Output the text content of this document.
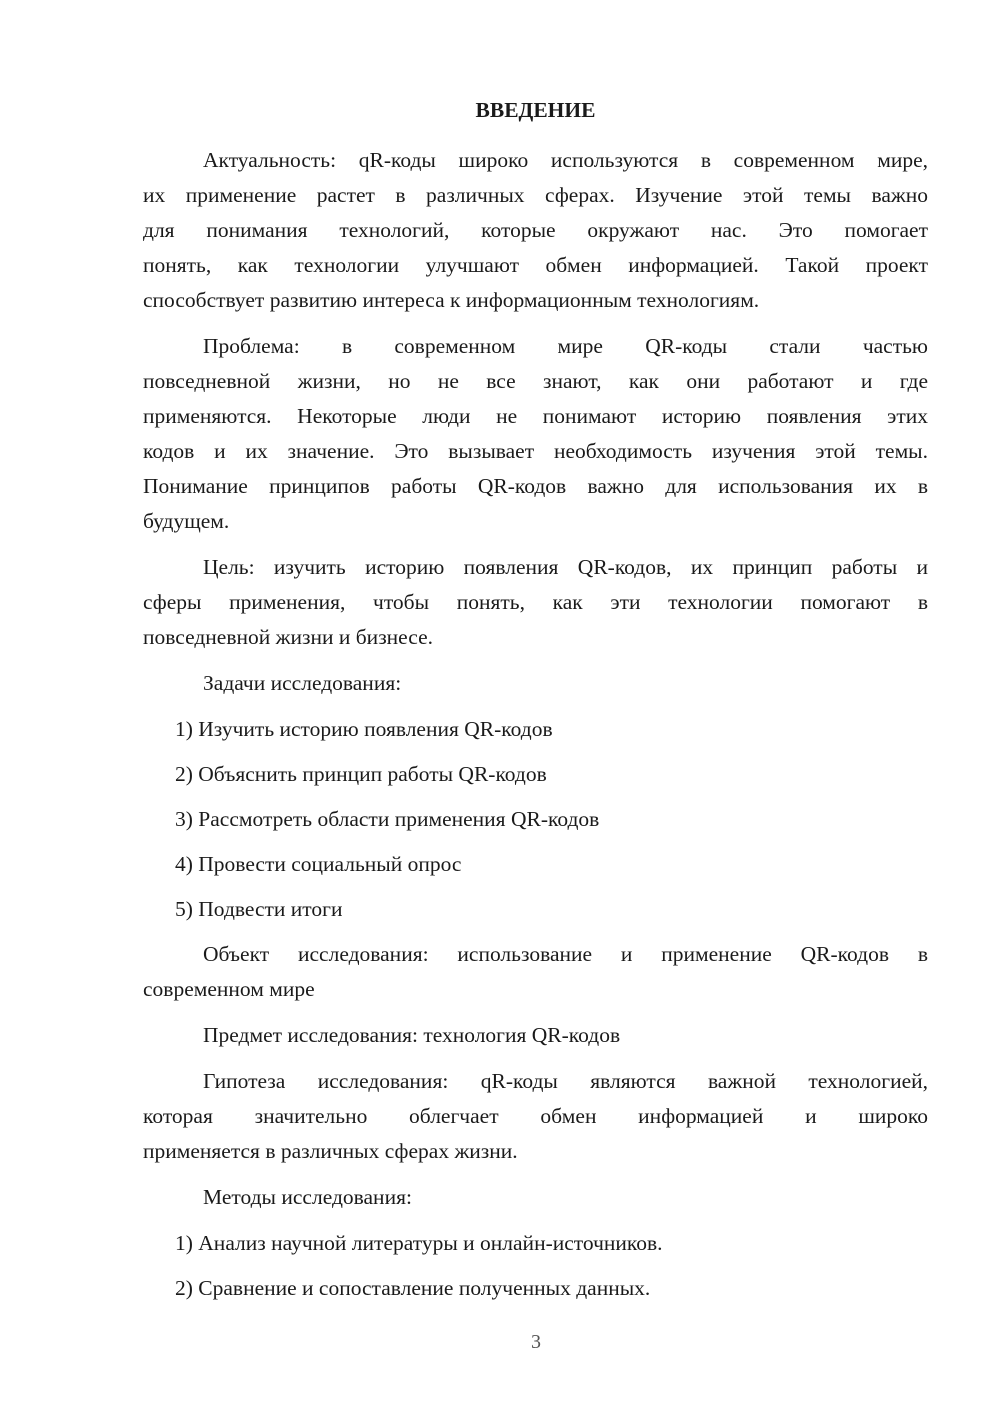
ВВЕДЕНИЕ
Актуальность: qR-коды широко используются в современном мире,
их применение растет в различных сферах. Изучение этой темы важно
для понимания технологий, которые окружают нас. Это помогает
понять, как технологии улучшают обмен информацией. Такой проект
способствует развитию интереса к информационным технологиям.
Проблема: в современном мире QR-коды стали частью
повседневной жизни, но не все знают, как они работают и где
применяются. Некоторые люди не понимают историю появления этих
кодов и их значение. Это вызывает необходимость изучения этой темы.
Понимание принципов работы QR-кодов важно для использования их в
будущем.
Цель: изучить историю появления QR-кодов, их принцип работы и
сферы применения, чтобы понять, как эти технологии помогают в
повседневной жизни и бизнесе.
Задачи исследования:
1) Изучить историю появления QR-кодов
2) Объяснить принцип работы QR-кодов
3) Рассмотреть области применения QR-кодов
4) Провести социальный опрос
5) Подвести итоги
Объект исследования: использование и применение QR-кодов в
современном мире
Предмет исследования: технология QR-кодов
Гипотеза исследования: qR-коды являются важной технологией,
которая значительно облегчает обмен информацией и широко
применяется в различных сферах жизни.
Методы исследования:
1) Анализ научной литературы и онлайн-источников.
2) Сравнение и сопоставление полученных данных.
3
